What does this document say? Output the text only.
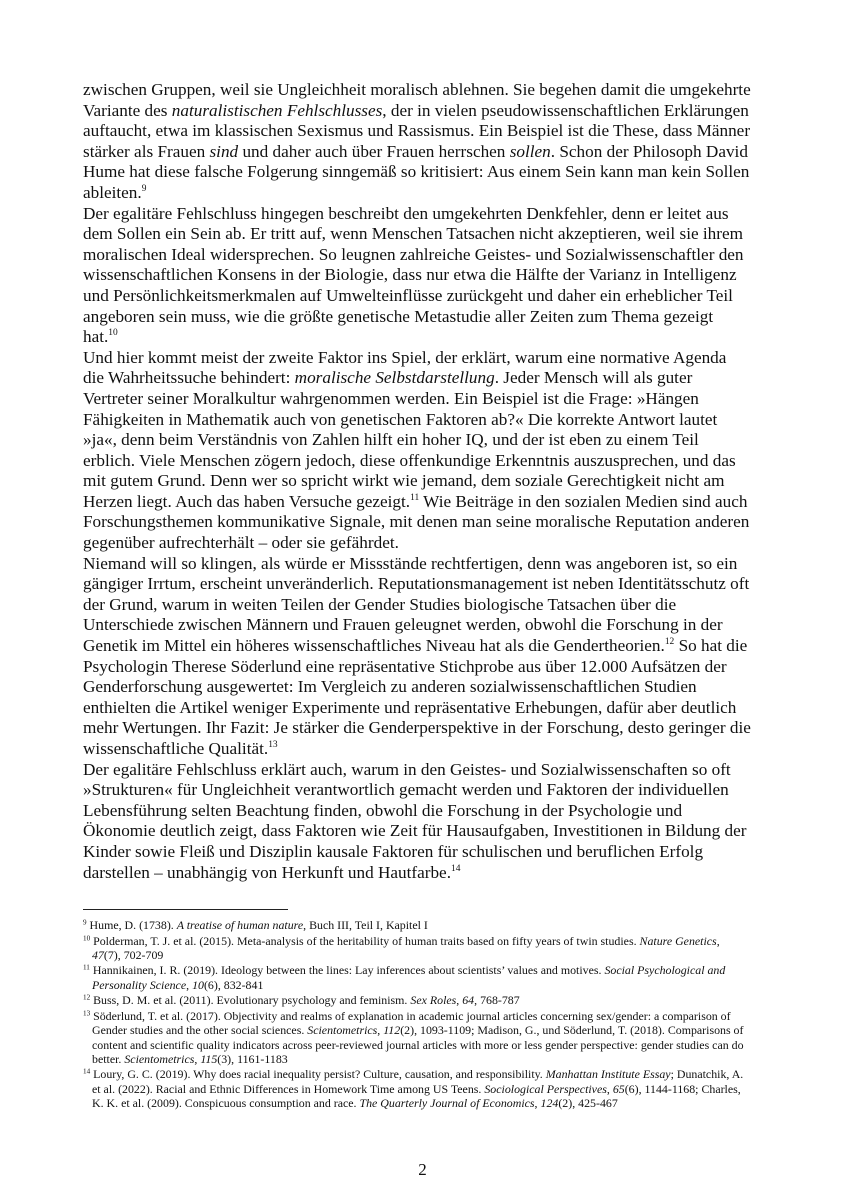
zwischen Gruppen, weil sie Ungleichheit moralisch ablehnen. Sie begehen damit die umgekehrte Variante des naturalistischen Fehlschlusses, der in vielen pseudowissenschaftlichen Erklärungen auftaucht, etwa im klassischen Sexismus und Rassismus. Ein Beispiel ist die These, dass Männer stärker als Frauen sind und daher auch über Frauen herrschen sollen. Schon der Philosoph David Hume hat diese falsche Folgerung sinngemäß so kritisiert: Aus einem Sein kann man kein Sollen ableiten.$^9$

Der egalitäre Fehlschluss hingegen beschreibt den umgekehrten Denkfehler, denn er leitet aus dem Sollen ein Sein ab. Er tritt auf, wenn Menschen Tatsachen nicht akzeptieren, weil sie ihrem moralischen Ideal widersprechen. So leugnen zahlreiche Geistes- und Sozialwissenschaftler den wissenschaftlichen Konsens in der Biologie, dass nur etwa die Hälfte der Varianz in Intelligenz und Persönlichkeitsmerkmalen auf Umwelteinflüsse zurückgeht und daher ein erheblicher Teil angeboren sein muss, wie die größte genetische Metastudie aller Zeiten zum Thema gezeigt hat.$^{10}$

Und hier kommt meist der zweite Faktor ins Spiel, der erklärt, warum eine normative Agenda die Wahrheitssuche behindert: moralische Selbstdarstellung. Jeder Mensch will als guter Vertreter seiner Moralkultur wahrgenommen werden. Ein Beispiel ist die Frage: »Hängen Fähigkeiten in Mathematik auch von genetischen Faktoren ab?« Die korrekte Antwort lautet »ja«, denn beim Verständnis von Zahlen hilft ein hoher IQ, und der ist eben zu einem Teil erblich. Viele Menschen zögern jedoch, diese offenkundige Erkenntnis auszusprechen, und das mit gutem Grund. Denn wer so spricht wirkt wie jemand, dem soziale Gerechtigkeit nicht am Herzen liegt. Auch das haben Versuche gezeigt.$^{11}$ Wie Beiträge in den sozialen Medien sind auch Forschungsthemen kommunikative Signale, mit denen man seine moralische Reputation anderen gegenüber aufrechterhält – oder sie gefährdet.

Niemand will so klingen, als würde er Missstände rechtfertigen, denn was angeboren ist, so ein gängiger Irrtum, erscheint unveränderlich. Reputationsmanagement ist neben Identitätsschutz oft der Grund, warum in weiten Teilen der Gender Studies biologische Tatsachen über die Unterschiede zwischen Männern und Frauen geleugnet werden, obwohl die Forschung in der Genetik im Mittel ein höheres wissenschaftliches Niveau hat als die Gendertheorien.$^{12}$ So hat die Psychologin Therese Söderlund eine repräsentative Stichprobe aus über 12.000 Aufsätzen der Genderforschung ausgewertet: Im Vergleich zu anderen sozialwissenschaftlichen Studien enthielten die Artikel weniger Experimente und repräsentative Erhebungen, dafür aber deutlich mehr Wertungen. Ihr Fazit: Je stärker die Genderperspektive in der Forschung, desto geringer die wissenschaftliche Qualität.$^{13}$

Der egalitäre Fehlschluss erklärt auch, warum in den Geistes- und Sozialwissenschaften so oft »Strukturen« für Ungleichheit verantwortlich gemacht werden und Faktoren der individuellen Lebensführung selten Beachtung finden, obwohl die Forschung in der Psychologie und Ökonomie deutlich zeigt, dass Faktoren wie Zeit für Hausaufgaben, Investitionen in Bildung der Kinder sowie Fleiß und Disziplin kausale Faktoren für schulischen und beruflichen Erfolg darstellen – unabhängig von Herkunft und Hautfarbe.$^{14}$

$^9$ Hume, D. (1738). A treatise of human nature, Buch III, Teil I, Kapitel I
$^{10}$ Polderman, T. J. et al. (2015). Meta-analysis of the heritability of human traits based on fifty years of twin studies. Nature Genetics, 47(7), 702-709
$^{11}$ Hannikainen, I. R. (2019). Ideology between the lines: Lay inferences about scientists’ values and motives. Social Psychological and Personality Science, 10(6), 832-841
$^{12}$ Buss, D. M. et al. (2011). Evolutionary psychology and feminism. Sex Roles, 64, 768-787
$^{13}$ Söderlund, T. et al. (2017). Objectivity and realms of explanation in academic journal articles concerning sex/gender: a comparison of Gender studies and the other social sciences. Scientometrics, 112(2), 1093-1109; Madison, G., und Söderlund, T. (2018). Comparisons of content and scientific quality indicators across peer-reviewed journal articles with more or less gender perspective: gender studies can do better. Scientometrics, 115(3), 1161-1183
$^{14}$ Loury, G. C. (2019). Why does racial inequality persist? Culture, causation, and responsibility. Manhattan Institute Essay; Dunatchik, A. et al. (2022). Racial and Ethnic Differences in Homework Time among US Teens. Sociological Perspectives, 65(6), 1144-1168; Charles, K. K. et al. (2009). Conspicuous consumption and race. The Quarterly Journal of Economics, 124(2), 425-467
2
